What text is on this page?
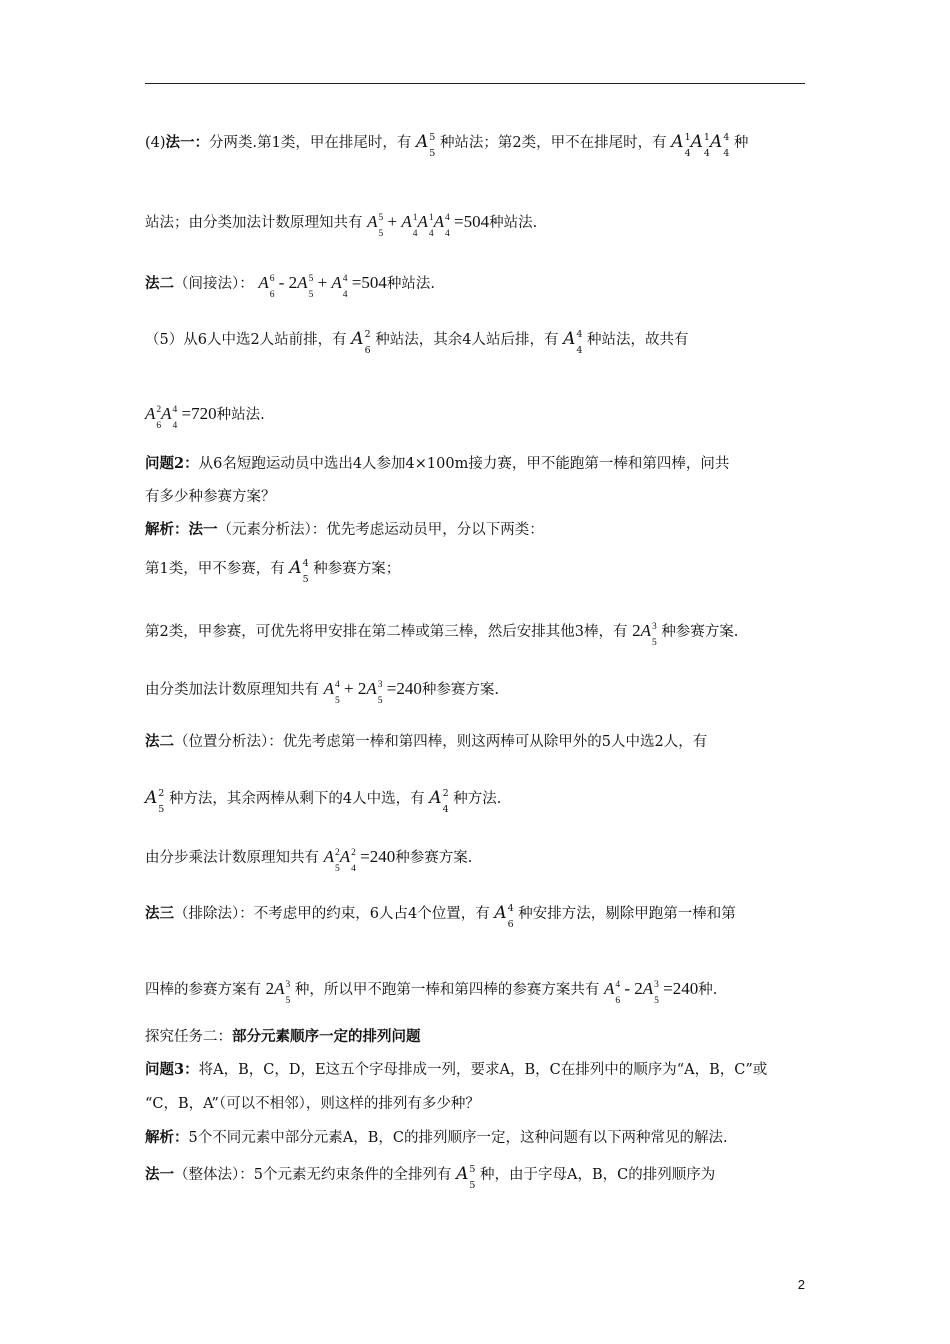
(4)法一：分两类.第1类，甲在排尾时，有 A 5
5
种站法；第2类，甲不在排尾时，有 A 1
4
A 1
4
A 4
4
种
站法；由分类加法计数原理知共有 A 5
5
+ A 1
4
A 1
4
A 4
4
=504种站法.
法二（间接法）： A 6
6
- 2A 5
5
+ A 4
4
=504种站法.
（5）从6人中选2人站前排，有 A 2
6
种站法，其余4人站后排，有 A 4
4
种站法，故共有
A 2
6
A 4
4
=720种站法.
问题2：从6名短跑运动员中选出4人参加4×100m接力赛，甲不能跑第一棒和第四棒，问共
有多少种参赛方案？
解析：法一（元素分析法）：优先考虑运动员甲，分以下两类：
第1类，甲不参赛，有 A 4
5
种参赛方案；
第2类，甲参赛，可优先将甲安排在第二棒或第三棒，然后安排其他3棒，有 2A 3
5
种参赛方案.
由分类加法计数原理知共有 A 4
5
+ 2A 3
5
=240种参赛方案.
法二（位置分析法）：优先考虑第一棒和第四棒，则这两棒可从除甲外的5人中选2人，有
A 2
5
种方法，其余两棒从剩下的4人中选，有 A 2
4
种方法.
由分步乘法计数原理知共有 A 2
5
A 2
4
=240种参赛方案.
法三（排除法）：不考虑甲的约束，6人占4个位置，有 A 4
6
种安排方法，剔除甲跑第一棒和第
四棒的参赛方案有 2A 3
5
种，所以甲不跑第一棒和第四棒的参赛方案共有 A 4
6
- 2A 3
5
=240种.
探究任务二：部分元素顺序一定的排列问题
问题3：将A，B，C，D，E这五个字母排成一列，要求A，B，C在排列中的顺序为“A，B，C”或
“C，B，A”（可以不相邻），则这样的排列有多少种？
解析：5个不同元素中部分元素A，B，C的排列顺序一定，这种问题有以下两种常见的解法.
法一（整体法）：5个元素无约束条件的全排列有 A 5
5
种，由于字母A，B，C的排列顺序为
2
